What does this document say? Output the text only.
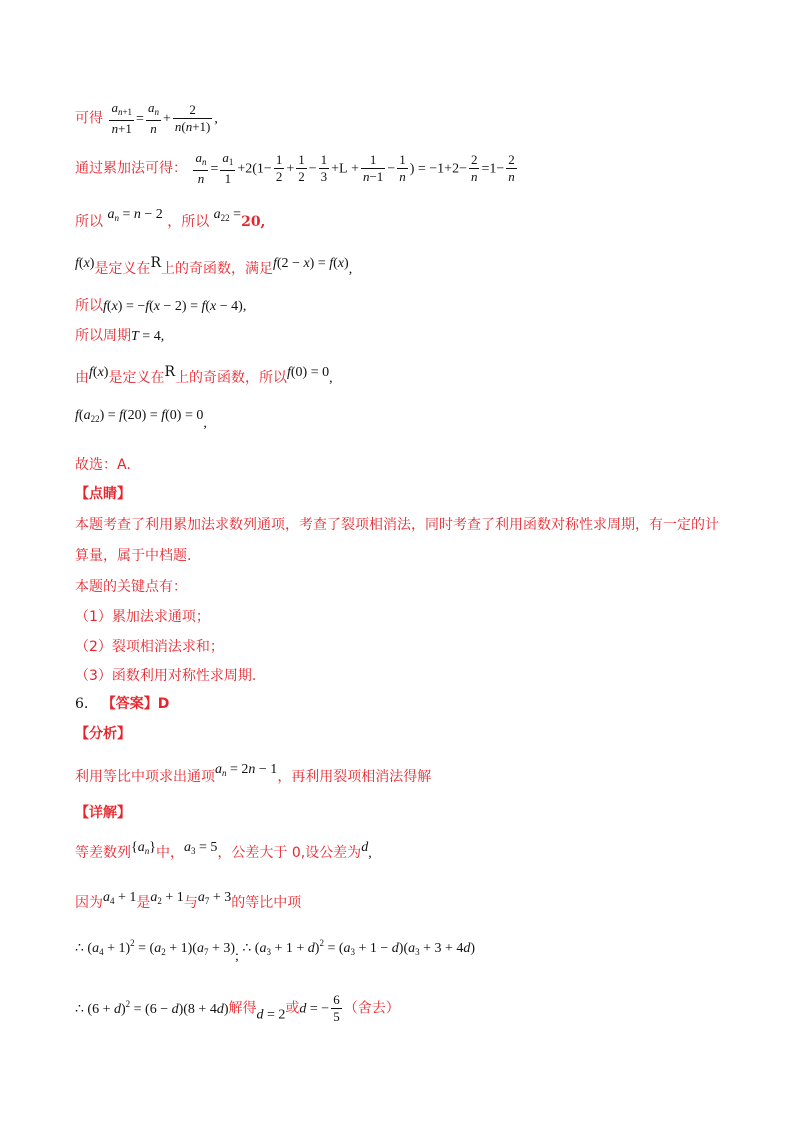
可得 $\frac{a_{n+1}}{n+1} = \frac{a_n}{n} + \frac{2}{n(n+1)}$ ,
通过累加法可得： $\frac{a_n}{n} = \frac{a_1}{1} +2(1- \frac{1}{2} + \frac{1}{2} - \frac{1}{3} +L + \frac{1}{n-1} - \frac{1}{n}$ ) = $-1+2- \frac{2}{n} =1- \frac{2}{n}$
所以 $a_n = n - 2$ ，所以 $a_{22} =20$,
f(x)是定义在R上的奇函数，满足f(2 − x) = f(x),
所以f(x) = −f(x − 2) = f(x − 4),
所以周期T = 4,
由f(x)是定义在R上的奇函数，所以f(0) = 0,
$f(a_{22}) = f(20) = f(0) = 0$,
故选：A.
【点睛】
本题考查了利用累加法求数列通项，考查了裂项相消法，同时考查了利用函数对称性求周期，有一定的计
算量，属于中档题.
本题的关键点有：
（1）累加法求通项；
（2）裂项相消法求和；
（3）函数利用对称性求周期.
6. 【答案】D
【分析】
利用等比中项求出通项$a_n = 2n - 1$，再利用裂项相消法得解
【详解】
等差数列$\{a_n\}$中，$a_3 = 5$，公差大于 0,设公差为d,
因为$a_4 + 1$是$a_2 + 1$与$a_7 + 3$的等比中项
∴ $(a_4 + 1)^2 = (a_2 + 1)(a_7 + 3)$; ∴ $(a_3 + 1 + d)^2 = (a_3 + 1 - d)(a_3 + 3 + 4d)$
∴ $(6 + d)^2 = (6 - d)(8 + 4d)$解得d = 2或d = − $\frac{6}{5}$ （舍去）
